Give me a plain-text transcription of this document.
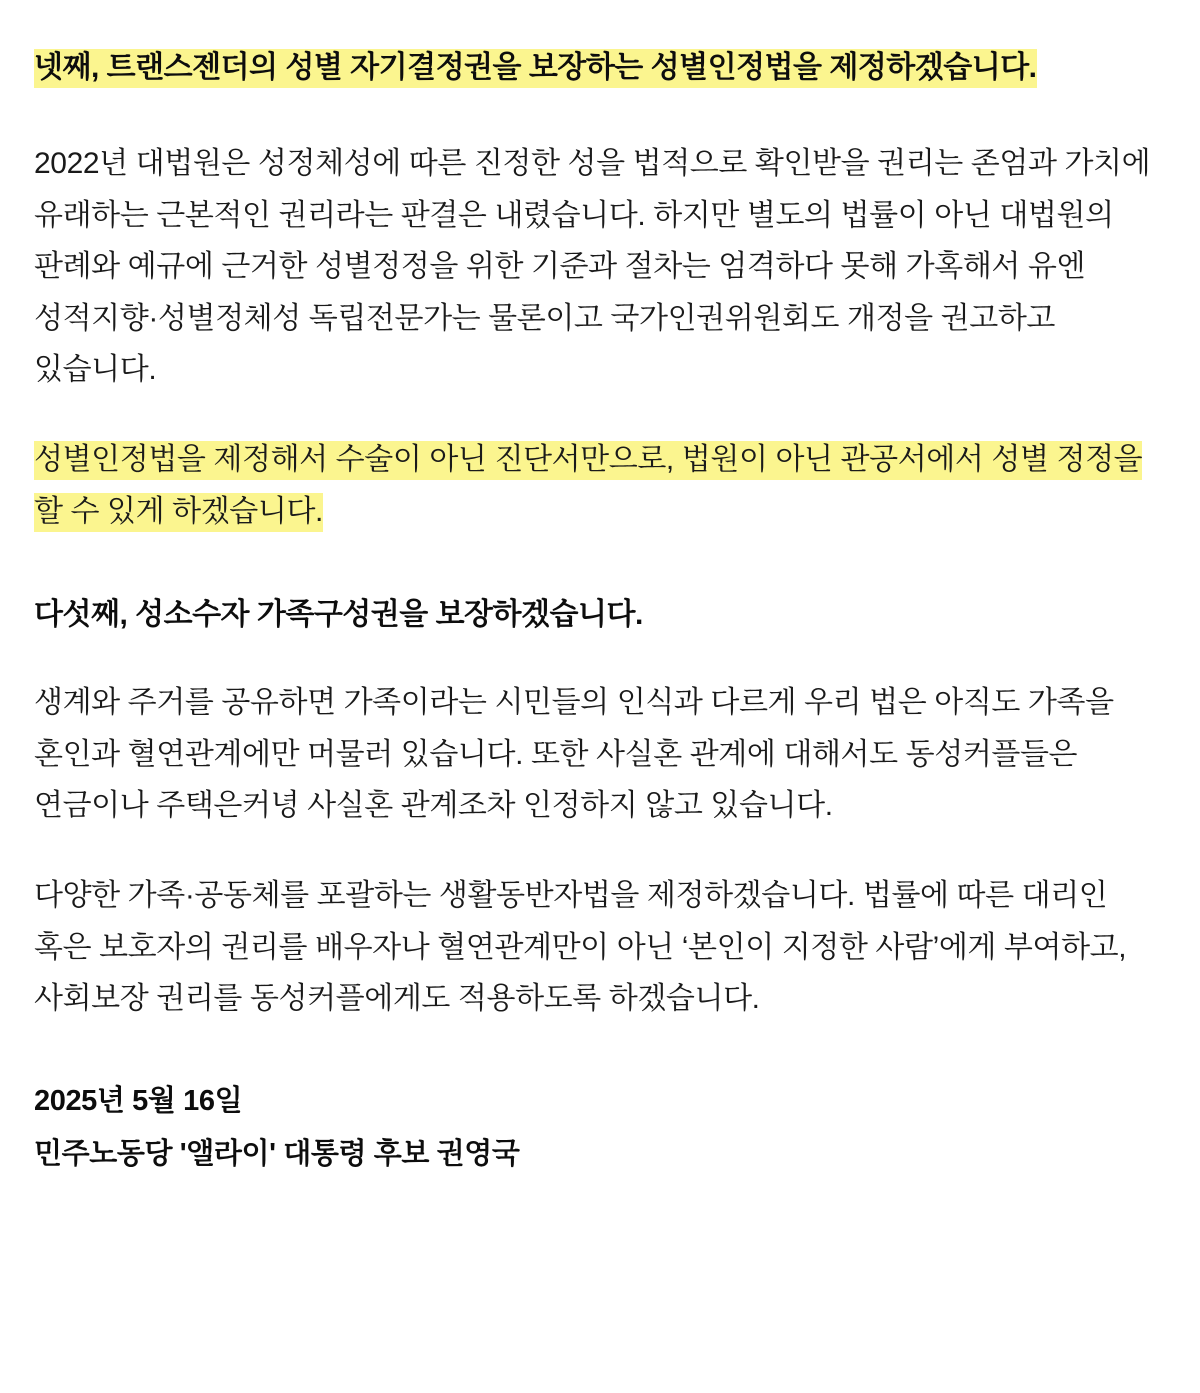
넷째, 트랜스젠더의 성별 자기결정권을 보장하는 성별인정법을 제정하겠습니다.

2022년 대법원은 성정체성에 따른 진정한 성을 법적으로 확인받을 권리는 존엄과 가치에 유래하는 근본적인 권리라는 판결은 내렸습니다. 하지만 별도의 법률이 아닌 대법원의 판례와 예규에 근거한 성별정정을 위한 기준과 절차는 엄격하다 못해 가혹해서 유엔 성적지향·성별정체성 독립전문가는 물론이고 국가인권위원회도 개정을 권고하고 있습니다.

성별인정법을 제정해서 수술이 아닌 진단서만으로, 법원이 아닌 관공서에서 성별 정정을 할 수 있게 하겠습니다.
다섯째, 성소수자 가족구성권을 보장하겠습니다.

생계와 주거를 공유하면 가족이라는 시민들의 인식과 다르게 우리 법은 아직도 가족을 혼인과 혈연관계에만 머물러 있습니다. 또한 사실혼 관계에 대해서도 동성커플들은 연금이나 주택은커녕 사실혼 관계조차 인정하지 않고 있습니다.

다양한 가족·공동체를 포괄하는 생활동반자법을 제정하겠습니다. 법률에 따른 대리인 혹은 보호자의 권리를 배우자나 혈연관계만이 아닌 ‘본인이 지정한 사람’에게 부여하고, 사회보장 권리를 동성커플에게도 적용하도록 하겠습니다.

2025년 5월 16일
민주노동당 '앨라이' 대통령 후보 권영국
